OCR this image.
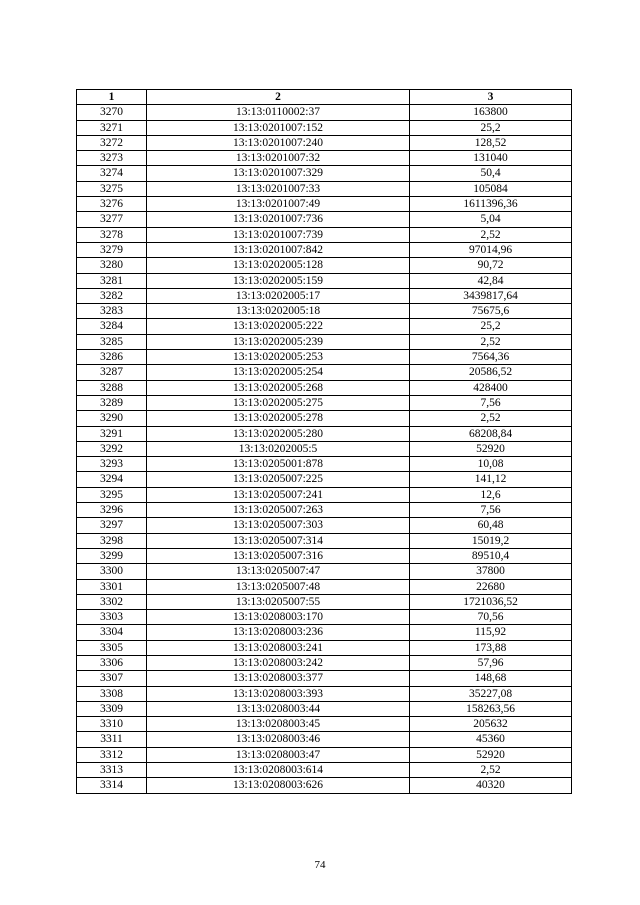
1	2	3
3270	13:13:0110002:37	163800
3271	13:13:0201007:152	25,2
3272	13:13:0201007:240	128,52
3273	13:13:0201007:32	131040
3274	13:13:0201007:329	50,4
3275	13:13:0201007:33	105084
3276	13:13:0201007:49	1611396,36
3277	13:13:0201007:736	5,04
3278	13:13:0201007:739	2,52
3279	13:13:0201007:842	97014,96
3280	13:13:0202005:128	90,72
3281	13:13:0202005:159	42,84
3282	13:13:0202005:17	3439817,64
3283	13:13:0202005:18	75675,6
3284	13:13:0202005:222	25,2
3285	13:13:0202005:239	2,52
3286	13:13:0202005:253	7564,36
3287	13:13:0202005:254	20586,52
3288	13:13:0202005:268	428400
3289	13:13:0202005:275	7,56
3290	13:13:0202005:278	2,52
3291	13:13:0202005:280	68208,84
3292	13:13:0202005:5	52920
3293	13:13:0205001:878	10,08
3294	13:13:0205007:225	141,12
3295	13:13:0205007:241	12,6
3296	13:13:0205007:263	7,56
3297	13:13:0205007:303	60,48
3298	13:13:0205007:314	15019,2
3299	13:13:0205007:316	89510,4
3300	13:13:0205007:47	37800
3301	13:13:0205007:48	22680
3302	13:13:0205007:55	1721036,52
3303	13:13:0208003:170	70,56
3304	13:13:0208003:236	115,92
3305	13:13:0208003:241	173,88
3306	13:13:0208003:242	57,96
3307	13:13:0208003:377	148,68
3308	13:13:0208003:393	35227,08
3309	13:13:0208003:44	158263,56
3310	13:13:0208003:45	205632
3311	13:13:0208003:46	45360
3312	13:13:0208003:47	52920
3313	13:13:0208003:614	2,52
3314	13:13:0208003:626	40320
74
